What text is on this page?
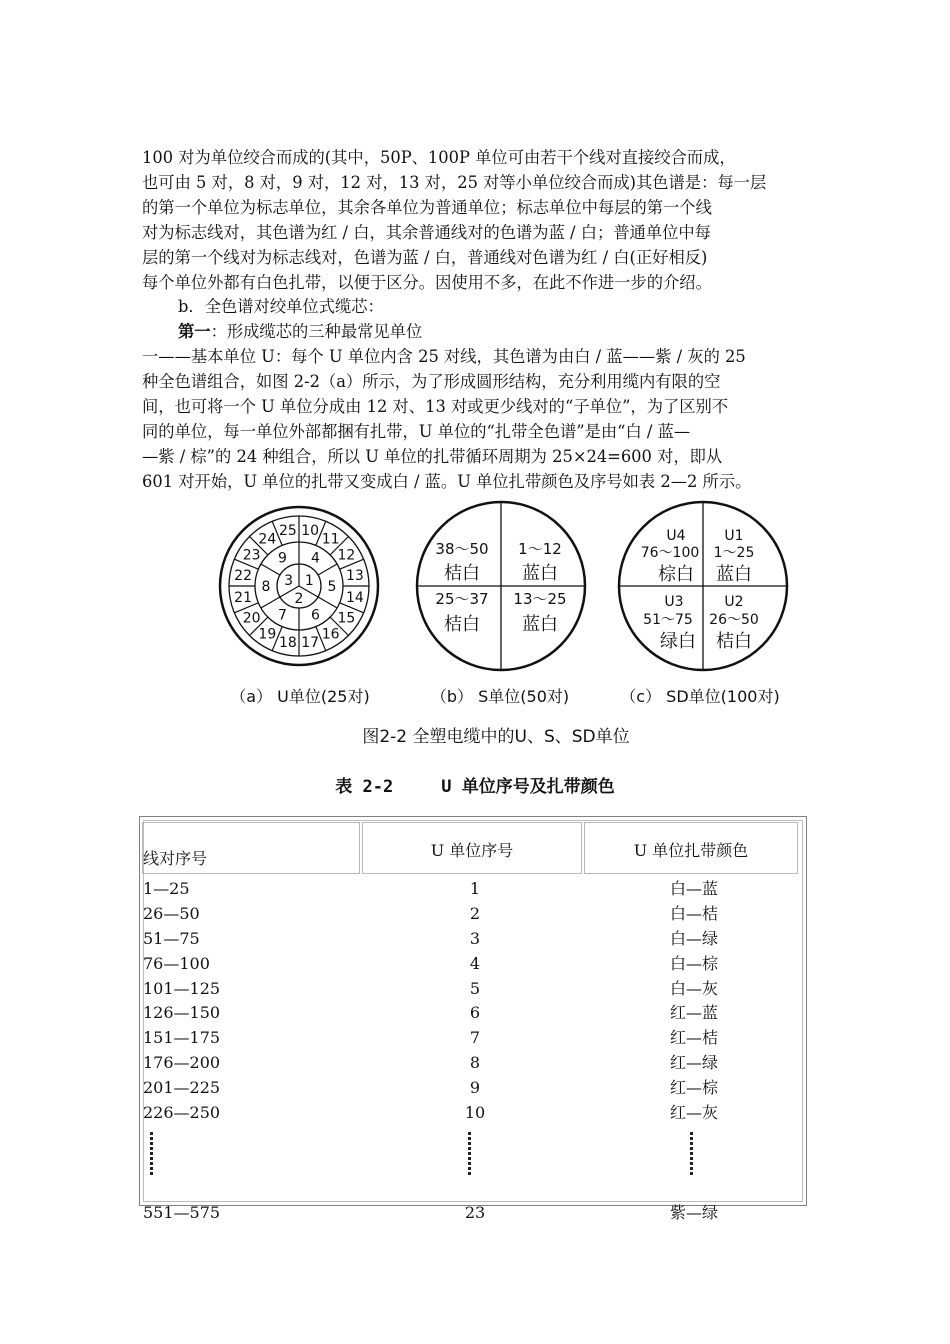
100 对为单位绞合而成的(其中，50P、100P 单位可由若干个线对直接绞合而成，

也可由 5 对，8 对，9 对，12 对，13 对，25 对等小单位绞合而成)其色谱是：每一层

的第一个单位为标志单位，其余各单位为普通单位；标志单位中每层的第一个线

对为标志线对，其色谱为红 / 白，其余普通线对的色谱为蓝 / 白；普通单位中每

层的第一个线对为标志线对，色谱为蓝 / 白，普通线对色谱为红 / 白(正好相反)

每个单位外都有白色扎带，以便于区分。因使用不多，在此不作进一步的介绍。

b．全色谱对绞单位式缆芯：

第一：形成缆芯的三种最常见单位

一——基本单位 U：每个 U 单位内含 25 对线，其色谱为由白 / 蓝——紫 / 灰的 25

种全色谱组合，如图 2-2（a）所示，为了形成圆形结构，充分利用缆内有限的空

间，也可将一个 U 单位分成由 12 对、13 对或更少线对的“子单位”，为了区别不

同的单位，每一单位外部都捆有扎带，U 单位的“扎带全色谱”是由“白 / 蓝—

—紫 / 棕”的 24 种组合，所以 U 单位的扎带循环周期为 25×24=600 对，即从

601 对开始，U 单位的扎带又变成白 / 蓝。U 单位扎带颜色及序号如表 2—2 所示。

1
2
3
4
5
6
7
8
9
10
11
12
13
14
15
16
17
18
19
20
21
22
23
24
25
1～12
蓝白
38～50
桔白
25～37
桔白
13～25
蓝白
U1
1～25
蓝白
U4
76～100
棕白
U3
51～75
绿白
U2
26～50
桔白
（a） U单位(25对)	（b） S单位(50对)	（c） SD单位(100对)
图2-2 全塑电缆中的U、S、SD单位
表 2-2	U 单位序号及扎带颜色
线对序号	U 单位序号	U 单位扎带颜色
1—25	1	白—蓝
26—50	2	白—桔
51—75	3	白—绿
76—100	4	白—棕
101—125	5	白—灰
126—150	6	红—蓝
151—175	7	红—桔
176—200	8	红—绿
201—225	9	红—棕
226—250	10	红—灰
551—575	23	紫—绿
